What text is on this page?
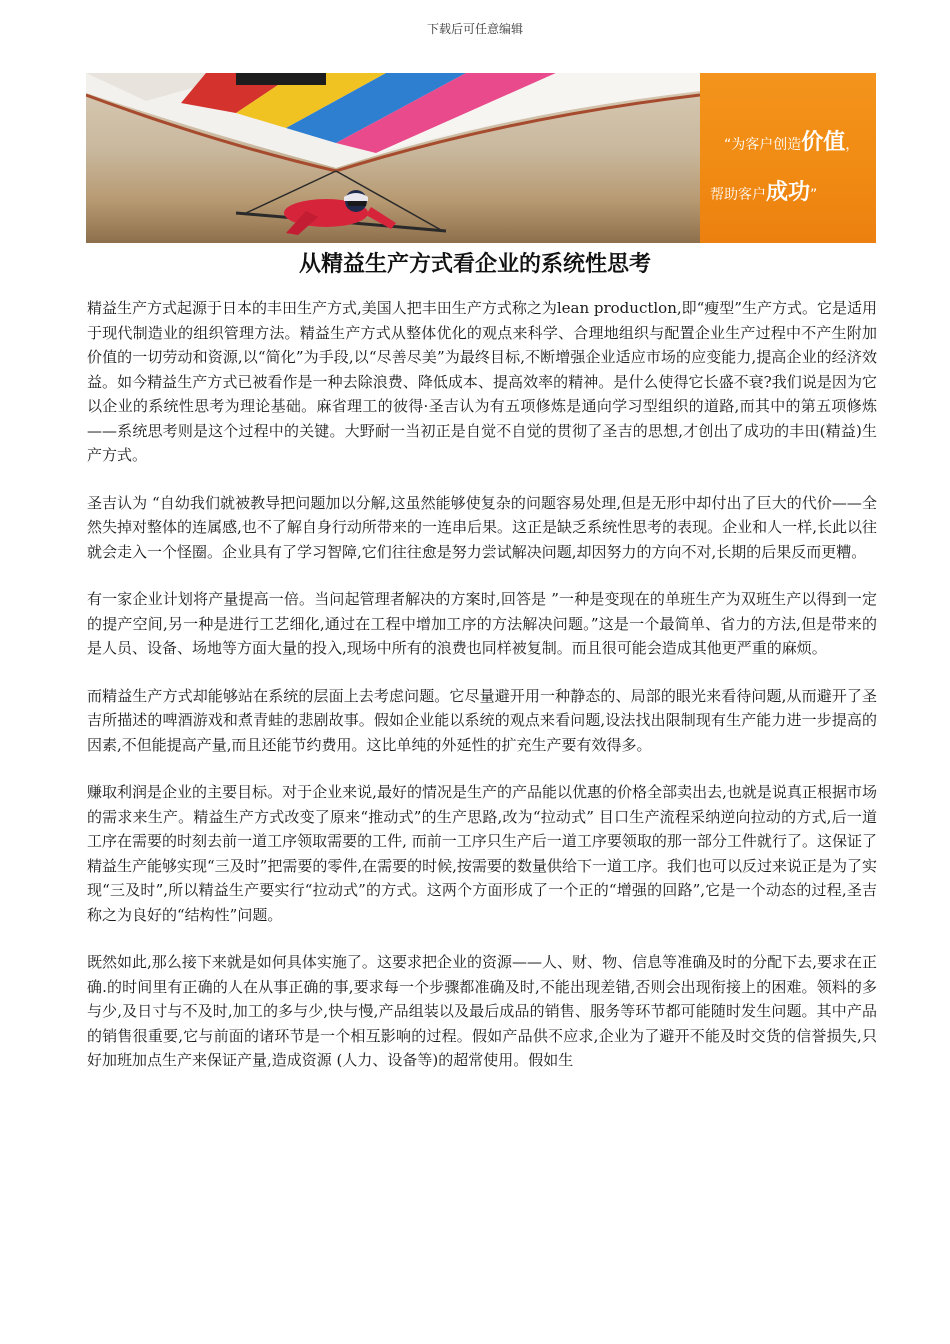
下载后可任意编辑
“为客户创造价值，
帮助客户成功”
从精益生产方式看企业的系统性思考

精益生产方式起源于日本的丰田生产方式,美国人把丰田生产方式称之为lean productlon,即“瘦型”生产方式。它是适用于现代制造业的组织管理方法。精益生产方式从整体优化的观点来科学、合理地组织与配置企业生产过程中不产生附加价值的一切劳动和资源,以“简化”为手段,以“尽善尽美”为最终目标,不断增强企业适应市场的应变能力,提高企业的经济效益。如今精益生产方式已被看作是一种去除浪费、降低成本、提高效率的精神。是什么使得它长盛不衰?我们说是因为它以企业的系统性思考为理论基础。麻省理工的彼得·圣吉认为有五项修炼是通向学习型组织的道路,而其中的第五项修炼——系统思考则是这个过程中的关键。大野耐一当初正是自觉不自觉的贯彻了圣吉的思想,才创出了成功的丰田(精益)生产方式。

圣吉认为 “自幼我们就被教导把问题加以分解,这虽然能够使复杂的问题容易处理,但是无形中却付出了巨大的代价——全然失掉对整体的连属感,也不了解自身行动所带来的一连串后果。这正是缺乏系统性思考的表现。企业和人一样,长此以往就会走入一个怪圈。企业具有了学习智障,它们往往愈是努力尝试解决问题,却因努力的方向不对,长期的后果反而更糟。

有一家企业计划将产量提高一倍。当问起管理者解决的方案时,回答是 ”一种是变现在的单班生产为双班生产以得到一定的提产空间,另一种是进行工艺细化,通过在工程中增加工序的方法解决问题。”这是一个最简单、省力的方法,但是带来的是人员、设备、场地等方面大量的投入,现场中所有的浪费也同样被复制。而且很可能会造成其他更严重的麻烦。

而精益生产方式却能够站在系统的层面上去考虑问题。它尽量避开用一种静态的、局部的眼光来看待问题,从而避开了圣吉所描述的啤酒游戏和煮青蛙的悲剧故事。假如企业能以系统的观点来看问题,设法找出限制现有生产能力进一步提高的因素,不但能提高产量,而且还能节约费用。这比单纯的外延性的扩充生产要有效得多。

赚取利润是企业的主要目标。对于企业来说,最好的情况是生产的产品能以优惠的价格全部卖出去,也就是说真正根据市场的需求来生产。精益生产方式改变了原来“推动式”的生产思路,改为“拉动式” 目口生产流程采纳逆向拉动的方式,后一道工序在需要的时刻去前一道工序领取需要的工件, 而前一工序只生产后一道工序要领取的那一部分工件就行了。这保证了精益生产能够实现“三及时”把需要的零件,在需要的时候,按需要的数量供给下一道工序。我们也可以反过来说正是为了实现“三及时”,所以精益生产要实行“拉动式”的方式。这两个方面形成了一个正的“增强的回路”,它是一个动态的过程,圣吉称之为良好的“结构性”问题。

既然如此,那么接下来就是如何具体实施了。这要求把企业的资源——人、财、物、信息等准确及时的分配下去,要求在正确.的时间里有正确的人在从事正确的事,要求每一个步骤都准确及时,不能出现差错,否则会出现衔接上的困难。领料的多与少,及日寸与不及时,加工的多与少,快与慢,产品组装以及最后成品的销售、服务等环节都可能随时发生问题。其中产品的销售很重要,它与前面的诸环节是一个相互影响的过程。假如产品供不应求,企业为了避开不能及时交货的信誉损失,只好加班加点生产来保证产量,造成资源 (人力、设备等)的超常使用。假如生
